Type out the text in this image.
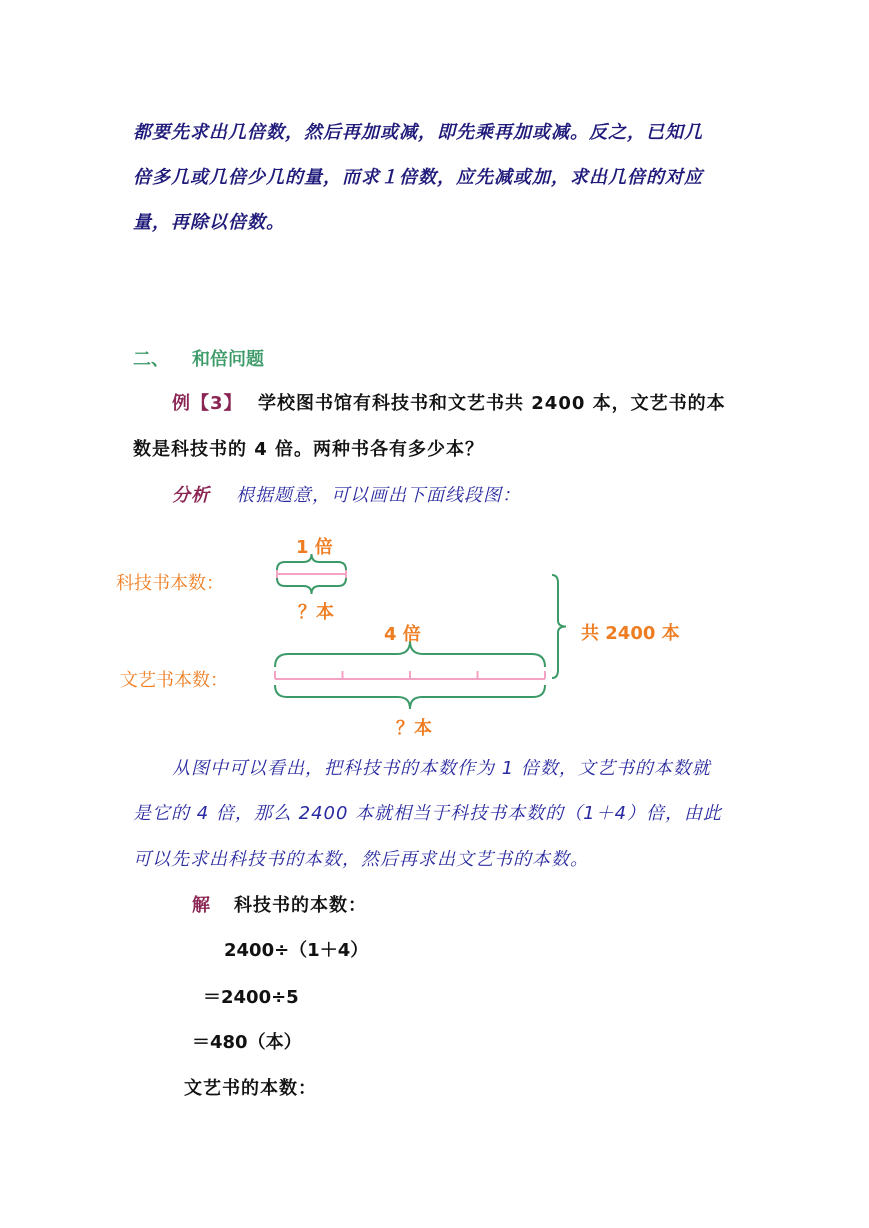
都要先求出几倍数，然后再加或减，即先乘再加或减。反之，已知几
倍多几或几倍少几的量，而求１倍数，应先减或加，求出几倍的对应
量，再除以倍数。
二、 和倍问题
例【3】 学校图书馆有科技书和文艺书共 2400 本，文艺书的本
数是科技书的 4 倍。两种书各有多少本？
分析 根据题意，可以画出下面线段图：
1 倍
科技书本数：
？本
4 倍	共 2400 本
文艺书本数：
？本
从图中可以看出，把科技书的本数作为 1 倍数，文艺书的本数就
是它的 4 倍，那么 2400 本就相当于科技书本数的（1＋4）倍，由此
可以先求出科技书的本数，然后再求出文艺书的本数。
解 科技书的本数：
2400÷（1＋4）
＝2400÷5
＝480（本）
文艺书的本数：
